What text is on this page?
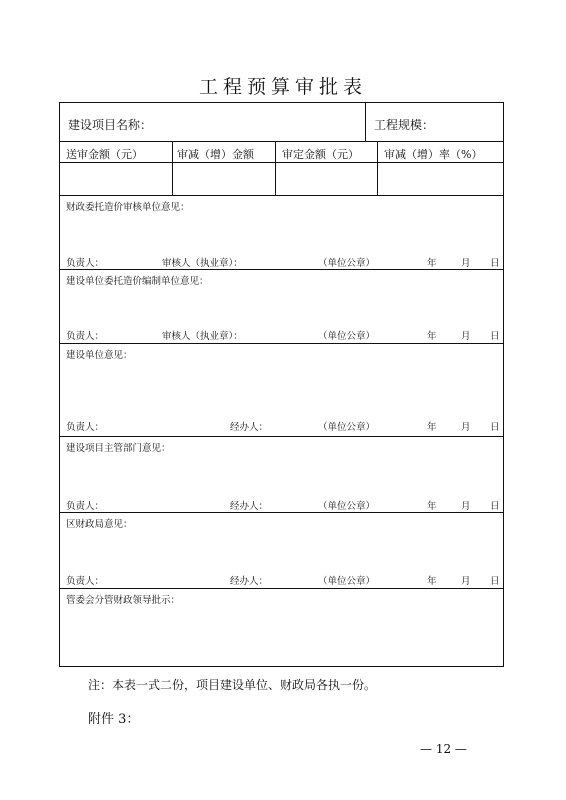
工程预算审批表
建设项目名称：	工程规模：
送审金额（元）	审减（增）金额	审定金额（元） 审减（增）率（%）
财政委托造价审核单位意见：
负责人：	审核人（执业章）：	（单位公章）	年	月 日
建设单位委托造价编制单位意见：
负责人：	审核人（执业章）：	（单位公章）	年	月 日
建设单位意见：
负责人：	经办人：	（单位公章）	年	月 日
建设项目主管部门意见：
负责人：	经办人：	（单位公章）	年	月 日
区财政局意见：
负责人：	经办人：	（单位公章）	年	月 日
管委会分管财政领导批示：
注：本表一式二份，项目建设单位、财政局各执一份。
附件 3：
— 12 —
